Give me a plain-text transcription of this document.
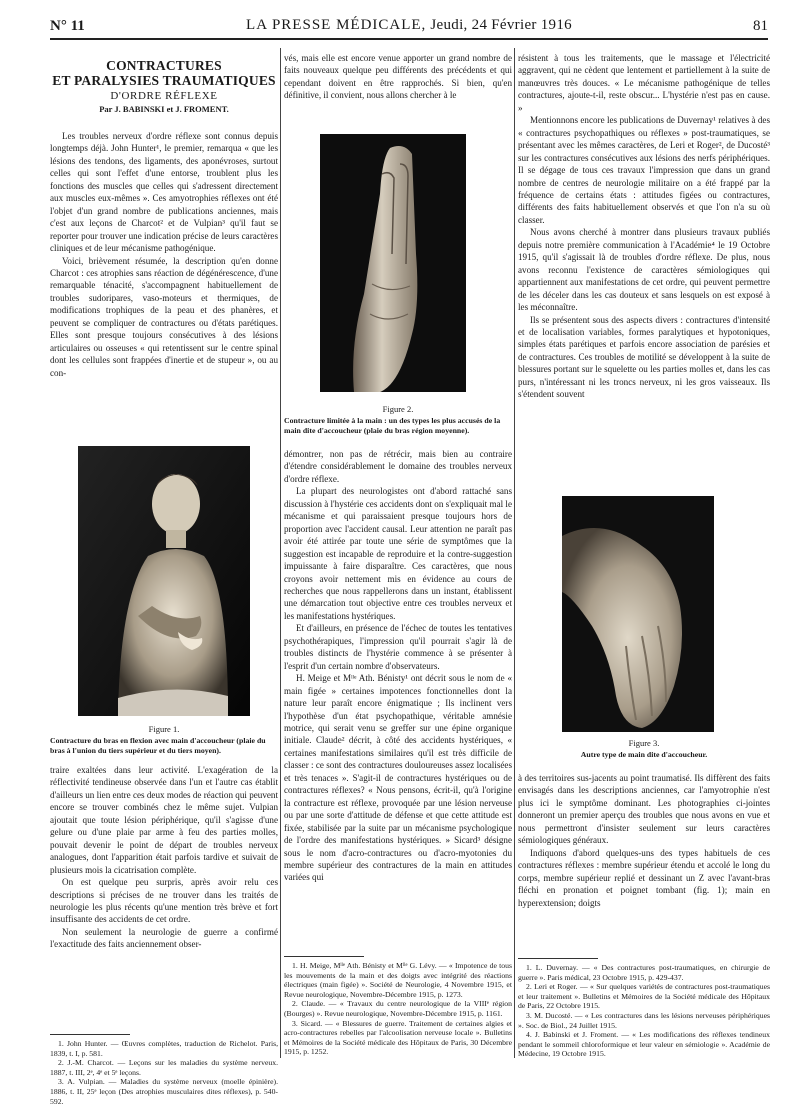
N° 11	LA PRESSE MÉDICALE, Jeudi, 24 Février 1916	81
CONTRACTURES
ET PARALYSIES TRAUMATIQUES
D'ORDRE RÉFLEXE
Par J. BABINSKI et J. FROMENT.

Les troubles nerveux d'ordre réflexe sont connus depuis longtemps déjà. John Hunter¹, le premier, remarqua « que les lésions des tendons, des ligaments, des aponévroses, surtout celles qui sont l'effet d'une entorse, troublent plus les fonctions des muscles que celles qui s'adressent directement aux muscles eux-mêmes ». Ces amyotrophies réflexes ont été l'objet d'un grand nombre de publications anciennes, mais c'est aux leçons de Charcot² et de Vulpian³ qu'il faut se reporter pour trouver une indication précise de leurs caractères cliniques et de leur mécanisme pathogénique.

Voici, brièvement résumée, la description qu'en donne Charcot : ces atrophies sans réaction de dégénérescence, d'une remarquable ténacité, s'accompagnent habituellement de troubles sudoripares, vaso-moteurs et thermiques, de modifications trophiques de la peau et des phanères, et peuvent se compliquer de contractures ou d'états parétiques. Elles sont presque toujours consécutives à des lésions articulaires ou osseuses « qui retentissent sur le centre spinal dont les cellules sont frappées d'inertie et de stupeur », ou au con-

Figure 1.
Contracture du bras en flexion avec main d'accoucheur (plaie du bras à l'union du tiers supérieur et du tiers moyen).

traire exaltées dans leur activité. L'exagération de la réflectivité tendineuse observée dans l'un et l'autre cas établit d'ailleurs un lien entre ces deux modes de réaction qui peuvent encore se trouver combinés chez le même sujet. Vulpian ajoutait que toute lésion périphérique, qu'il s'agisse d'une gelure ou d'une plaie par arme à feu des parties molles, pouvait devenir le point de départ de troubles nerveux analogues, dont l'apparition était parfois tardive et suivait de plusieurs mois la cicatrisation complète.

On est quelque peu surpris, après avoir relu ces descriptions si précises de ne trouver dans les traités de neurologie les plus récents qu'une mention très brève et fort insuffisante des accidents de cet ordre.

Non seulement la neurologie de guerre a confirmé l'exactitude des faits anciennement obser-

1. John Hunter. — Œuvres complètes, traduction de Richelot. Paris, 1839, t. I, p. 581.
2. J.-M. Charcot. — Leçons sur les maladies du système nerveux. 1887, t. III, 2ᵉ, 4ᵉ et 5ᵉ leçons.
3. A. Vulpian. — Maladies du système nerveux (moelle épinière). 1886, t. II, 25ᵉ leçon (Des atrophies musculaires dites réflexes), p. 540-592.

vés, mais elle est encore venue apporter un grand nombre de faits nouveaux quelque peu différents des précédents et qui cependant doivent en être rapprochés. Si bien, qu'en définitive, il convient, nous allons chercher à le

Figure 2.
Contracture limitée à la main : un des types les plus accusés de la main dite d'accoucheur (plaie du bras région moyenne).

démontrer, non pas de rétrécir, mais bien au contraire d'étendre considérablement le domaine des troubles nerveux d'ordre réflexe.

La plupart des neurologistes ont d'abord rattaché sans discussion à l'hystérie ces accidents dont on s'expliquait mal le mécanisme et qui paraissaient presque toujours hors de proportion avec l'accident causal. Leur attention ne paraît pas avoir été attirée par toute une série de symptômes que la suggestion est incapable de reproduire et la contre-suggestion impuissante à faire disparaître. Ces caractères, que nous croyons avoir nettement mis en évidence au cours de recherches que nous rappellerons dans un instant, établissent une démarcation tout objective entre ces troubles nerveux et les manifestations hystériques.

Et d'ailleurs, en présence de l'échec de toutes les tentatives psychothérapiques, l'impression qu'il pourrait s'agir là de troubles distincts de l'hystérie commence à se présenter à l'esprit d'un certain nombre d'observateurs.

H. Meige et Mˡˡᵉ Ath. Bénisty¹ ont décrit sous le nom de « main figée » certaines impotences fonctionnelles dont la nature leur paraît encore énigmatique ; Ils inclinent vers l'hypothèse d'un état psychopathique, véritable amnésie motrice, qui serait venu se greffer sur une épine organique initiale. Claude² décrit, à côté des accidents hystériques, « certaines manifestations similaires qu'il est très difficile de classer : ce sont des contractures douloureuses assez localisées et très tenaces ». S'agit-il de contractures hystériques ou de contractures réflexes? « Nous pensons, écrit-il, qu'à l'origine la contracture est réflexe, provoquée par une lésion nerveuse ou par une sorte d'attitude de défense et que cette attitude est fixée, stabilisée par la suite par un mécanisme psychologique de l'ordre des manifestations hystériques. » Sicard³ désigne sous le nom d'acro-contractures ou d'acro-myotonies du membre supérieur des contractures de la main en attitudes variées qui

1. H. Meige, Mˡˡᵉ Ath. Bénisty et Mˡˡᵉ G. Lévy. — « Impotence de tous les mouvements de la main et des doigts avec intégrité des réactions électriques (main figée) ». Société de Neurologie, 4 Novembre 1915, et Revue neurologique, Novembre-Décembre 1915, p. 1273.
2. Claude. — « Travaux du centre neurologique de la VIIIᵉ région (Bourges) ». Revue neurologique, Novembre-Décembre 1915, p. 1161.
3. Sicard. — « Blessures de guerre. Traitement de certaines algies et acro-contractures rebelles par l'alcoolisation nerveuse locale ». Bulletins et Mémoires de la Société médicale des Hôpitaux de Paris, 30 Décembre 1915, p. 1252.

résistent à tous les traitements, que le massage et l'électricité aggravent, qui ne cèdent que lentement et partiellement à la suite de manœuvres très douces. « Le mécanisme pathogénique de telles contractures, ajoute-t-il, reste obscur... L'hystérie n'est pas en cause. »

Mentionnons encore les publications de Duvernay¹ relatives à des « contractures psychopathiques ou réflexes » post-traumatiques, se présentant avec les mêmes caractères, de Leri et Roger², de Ducosté³ sur les contractures consécutives aux lésions des nerfs périphériques. Il se dégage de tous ces travaux l'impression que dans un grand nombre de centres de neurologie militaire on a été frappé par la fréquence de certains états : attitudes figées ou contractures, différents des faits habituellement observés et que l'on n'a su où classer.

Nous avons cherché à montrer dans plusieurs travaux publiés depuis notre première communication à l'Académie⁴ le 19 Octobre 1915, qu'il s'agissait là de troubles d'ordre réflexe. De plus, nous avons reconnu l'existence de caractères sémiologiques qui appartiennent aux manifestations de cet ordre, qui peuvent permettre de les déceler dans les cas douteux et sans lesquels on est exposé à les méconnaître.

Ils se présentent sous des aspects divers : contractures d'intensité et de localisation variables, formes paralytiques et hypotoniques, simples états parétiques et parfois encore association de parésies et de contractures. Ces troubles de motilité se développent à la suite de blessures portant sur le squelette ou les parties molles et, dans les cas purs, n'intéressant ni les troncs nerveux, ni les gros vaisseaux. Ils s'étendent souvent

Figure 3.
Autre type de main dite d'accoucheur.

à des territoires sus-jacents au point traumatisé. Ils diffèrent des faits envisagés dans les descriptions anciennes, car l'amyotrophie n'est plus ici le symptôme dominant. Les photographies ci-jointes donneront un premier aperçu des troubles que nous avons en vue et nous permettront d'insister seulement sur leurs caractères sémiologiques généraux.

Indiquons d'abord quelques-uns des types habituels de ces contractures réflexes : membre supérieur étendu et accolé le long du corps, membre supérieur replié et dessinant un Z avec l'avant-bras fléchi en pronation et poignet tombant (fig. 1); main en hyperextension; doigts

1. L. Duvernay. — « Des contractures post-traumatiques, en chirurgie de guerre ». Paris médical, 23 Octobre 1915, p. 429-437.
2. Leri et Roger. — « Sur quelques variétés de contractures post-traumatiques et leur traitement ». Bulletins et Mémoires de la Société médicale des Hôpitaux de Paris, 22 Octobre 1915.
3. M. Ducosté. — « Les contractures dans les lésions nerveuses périphériques ». Soc. de Biol., 24 Juillet 1915.
4. J. Babinski et J. Froment. — « Les modifications des réflexes tendineux pendant le sommeil chloroformique et leur valeur en sémiologie ». Académie de Médecine, 19 Octobre 1915.
